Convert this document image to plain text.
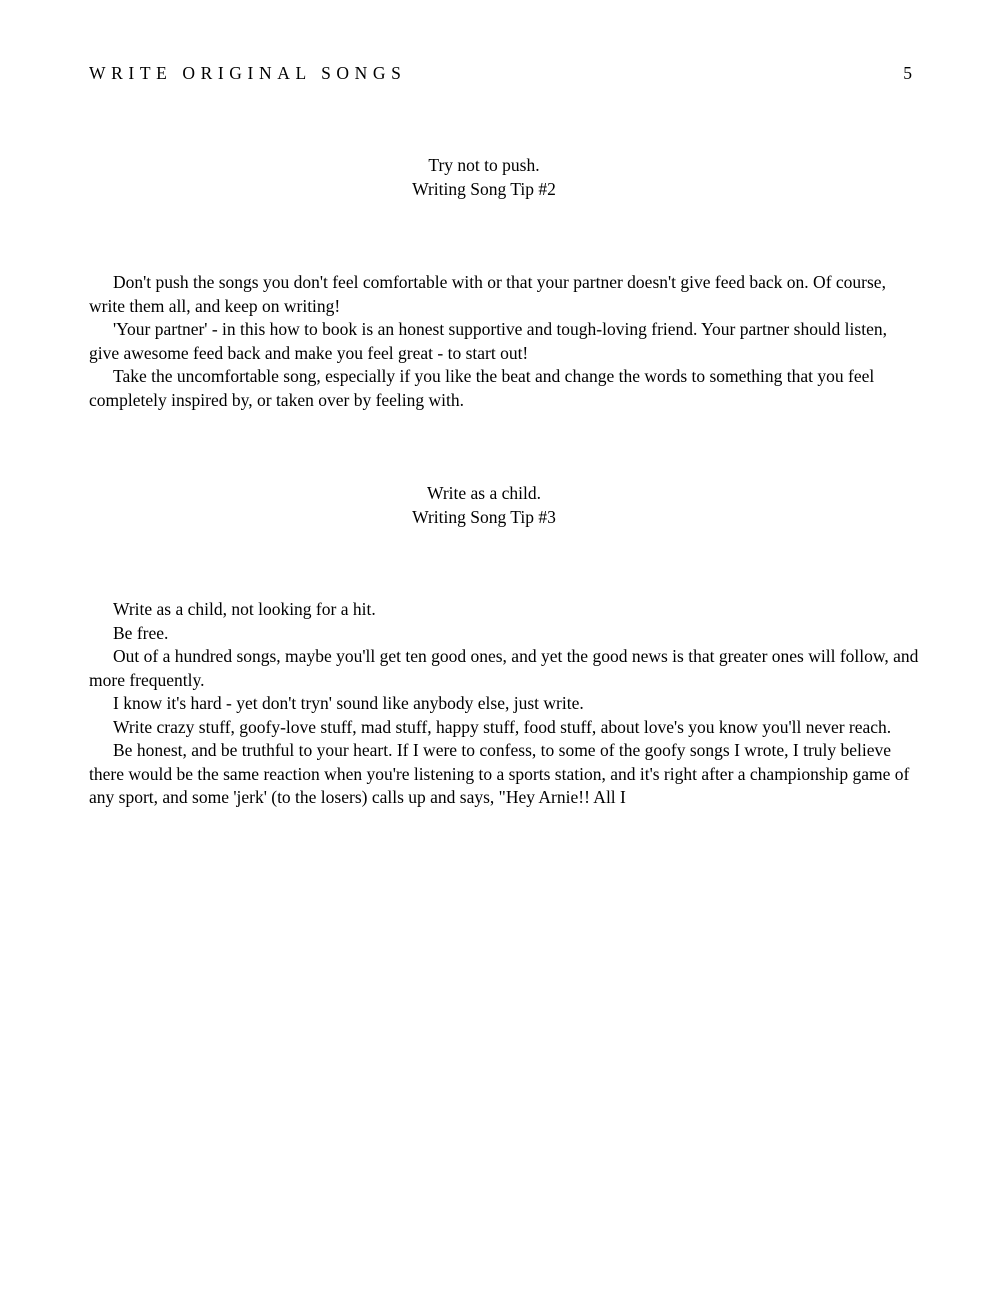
WRITE ORIGINAL SONGS	5
Try not to push.
Writing Song Tip #2

Don't push the songs you don't feel comfortable with or that your partner doesn't give feed back on. Of course, write them all, and keep on writing!

'Your partner' - in this how to book is an honest supportive and tough-loving friend. Your partner should listen, give awesome feed back and make you feel great - to start out!

Take the uncomfortable song, especially if you like the beat and change the words to something that you feel completely inspired by, or taken over by feeling with.

Write as a child.
Writing Song Tip #3

Write as a child, not looking for a hit.

Be free.

Out of a hundred songs, maybe you'll get ten good ones, and yet the good news is that greater ones will follow, and more frequently.

I know it's hard - yet don't tryn' sound like anybody else, just write.

Write crazy stuff, goofy-love stuff, mad stuff, happy stuff, food stuff, about love's you know you'll never reach.

Be honest, and be truthful to your heart. If I were to confess, to some of the goofy songs I wrote, I truly believe there would be the same reaction when you're listening to a sports station, and it's right after a championship game of any sport, and some 'jerk' (to the losers) calls up and says, "Hey Arnie!! All I
